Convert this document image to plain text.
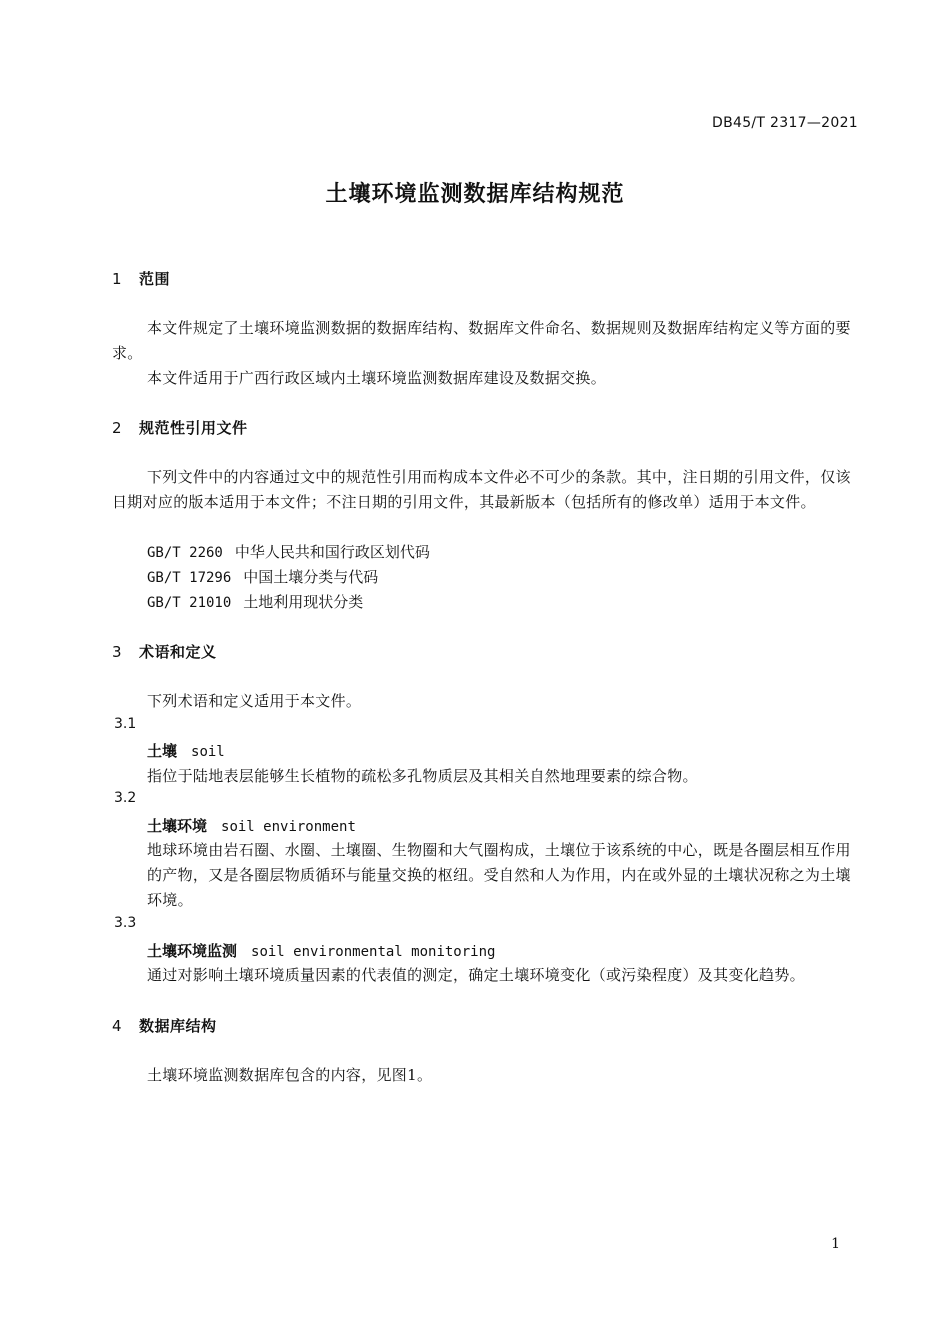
DB45/T 2317—2021
土壤环境监测数据库结构规范
1 范围
本文件规定了土壤环境监测数据的数据库结构、数据库文件命名、数据规则及数据库结构定义等方面的要求。
本文件适用于广西行政区域内土壤环境监测数据库建设及数据交换。
2 规范性引用文件
下列文件中的内容通过文中的规范性引用而构成本文件必不可少的条款。其中，注日期的引用文件，仅该日期对应的版本适用于本文件；不注日期的引用文件，其最新版本（包括所有的修改单）适用于本文件。
GB/T 2260 中华人民共和国行政区划代码
GB/T 17296 中国土壤分类与代码
GB/T 21010 土地利用现状分类
3 术语和定义
下列术语和定义适用于本文件。
3.1
土壤 soil
指位于陆地表层能够生长植物的疏松多孔物质层及其相关自然地理要素的综合物。
3.2
土壤环境 soil environment
地球环境由岩石圈、水圈、土壤圈、生物圈和大气圈构成，土壤位于该系统的中心，既是各圈层相互作用的产物，又是各圈层物质循环与能量交换的枢纽。受自然和人为作用，内在或外显的土壤状况称之为土壤环境。
3.3
土壤环境监测 soil environmental monitoring
通过对影响土壤环境质量因素的代表值的测定，确定土壤环境变化（或污染程度）及其变化趋势。
4 数据库结构
土壤环境监测数据库包含的内容，见图1。
1
